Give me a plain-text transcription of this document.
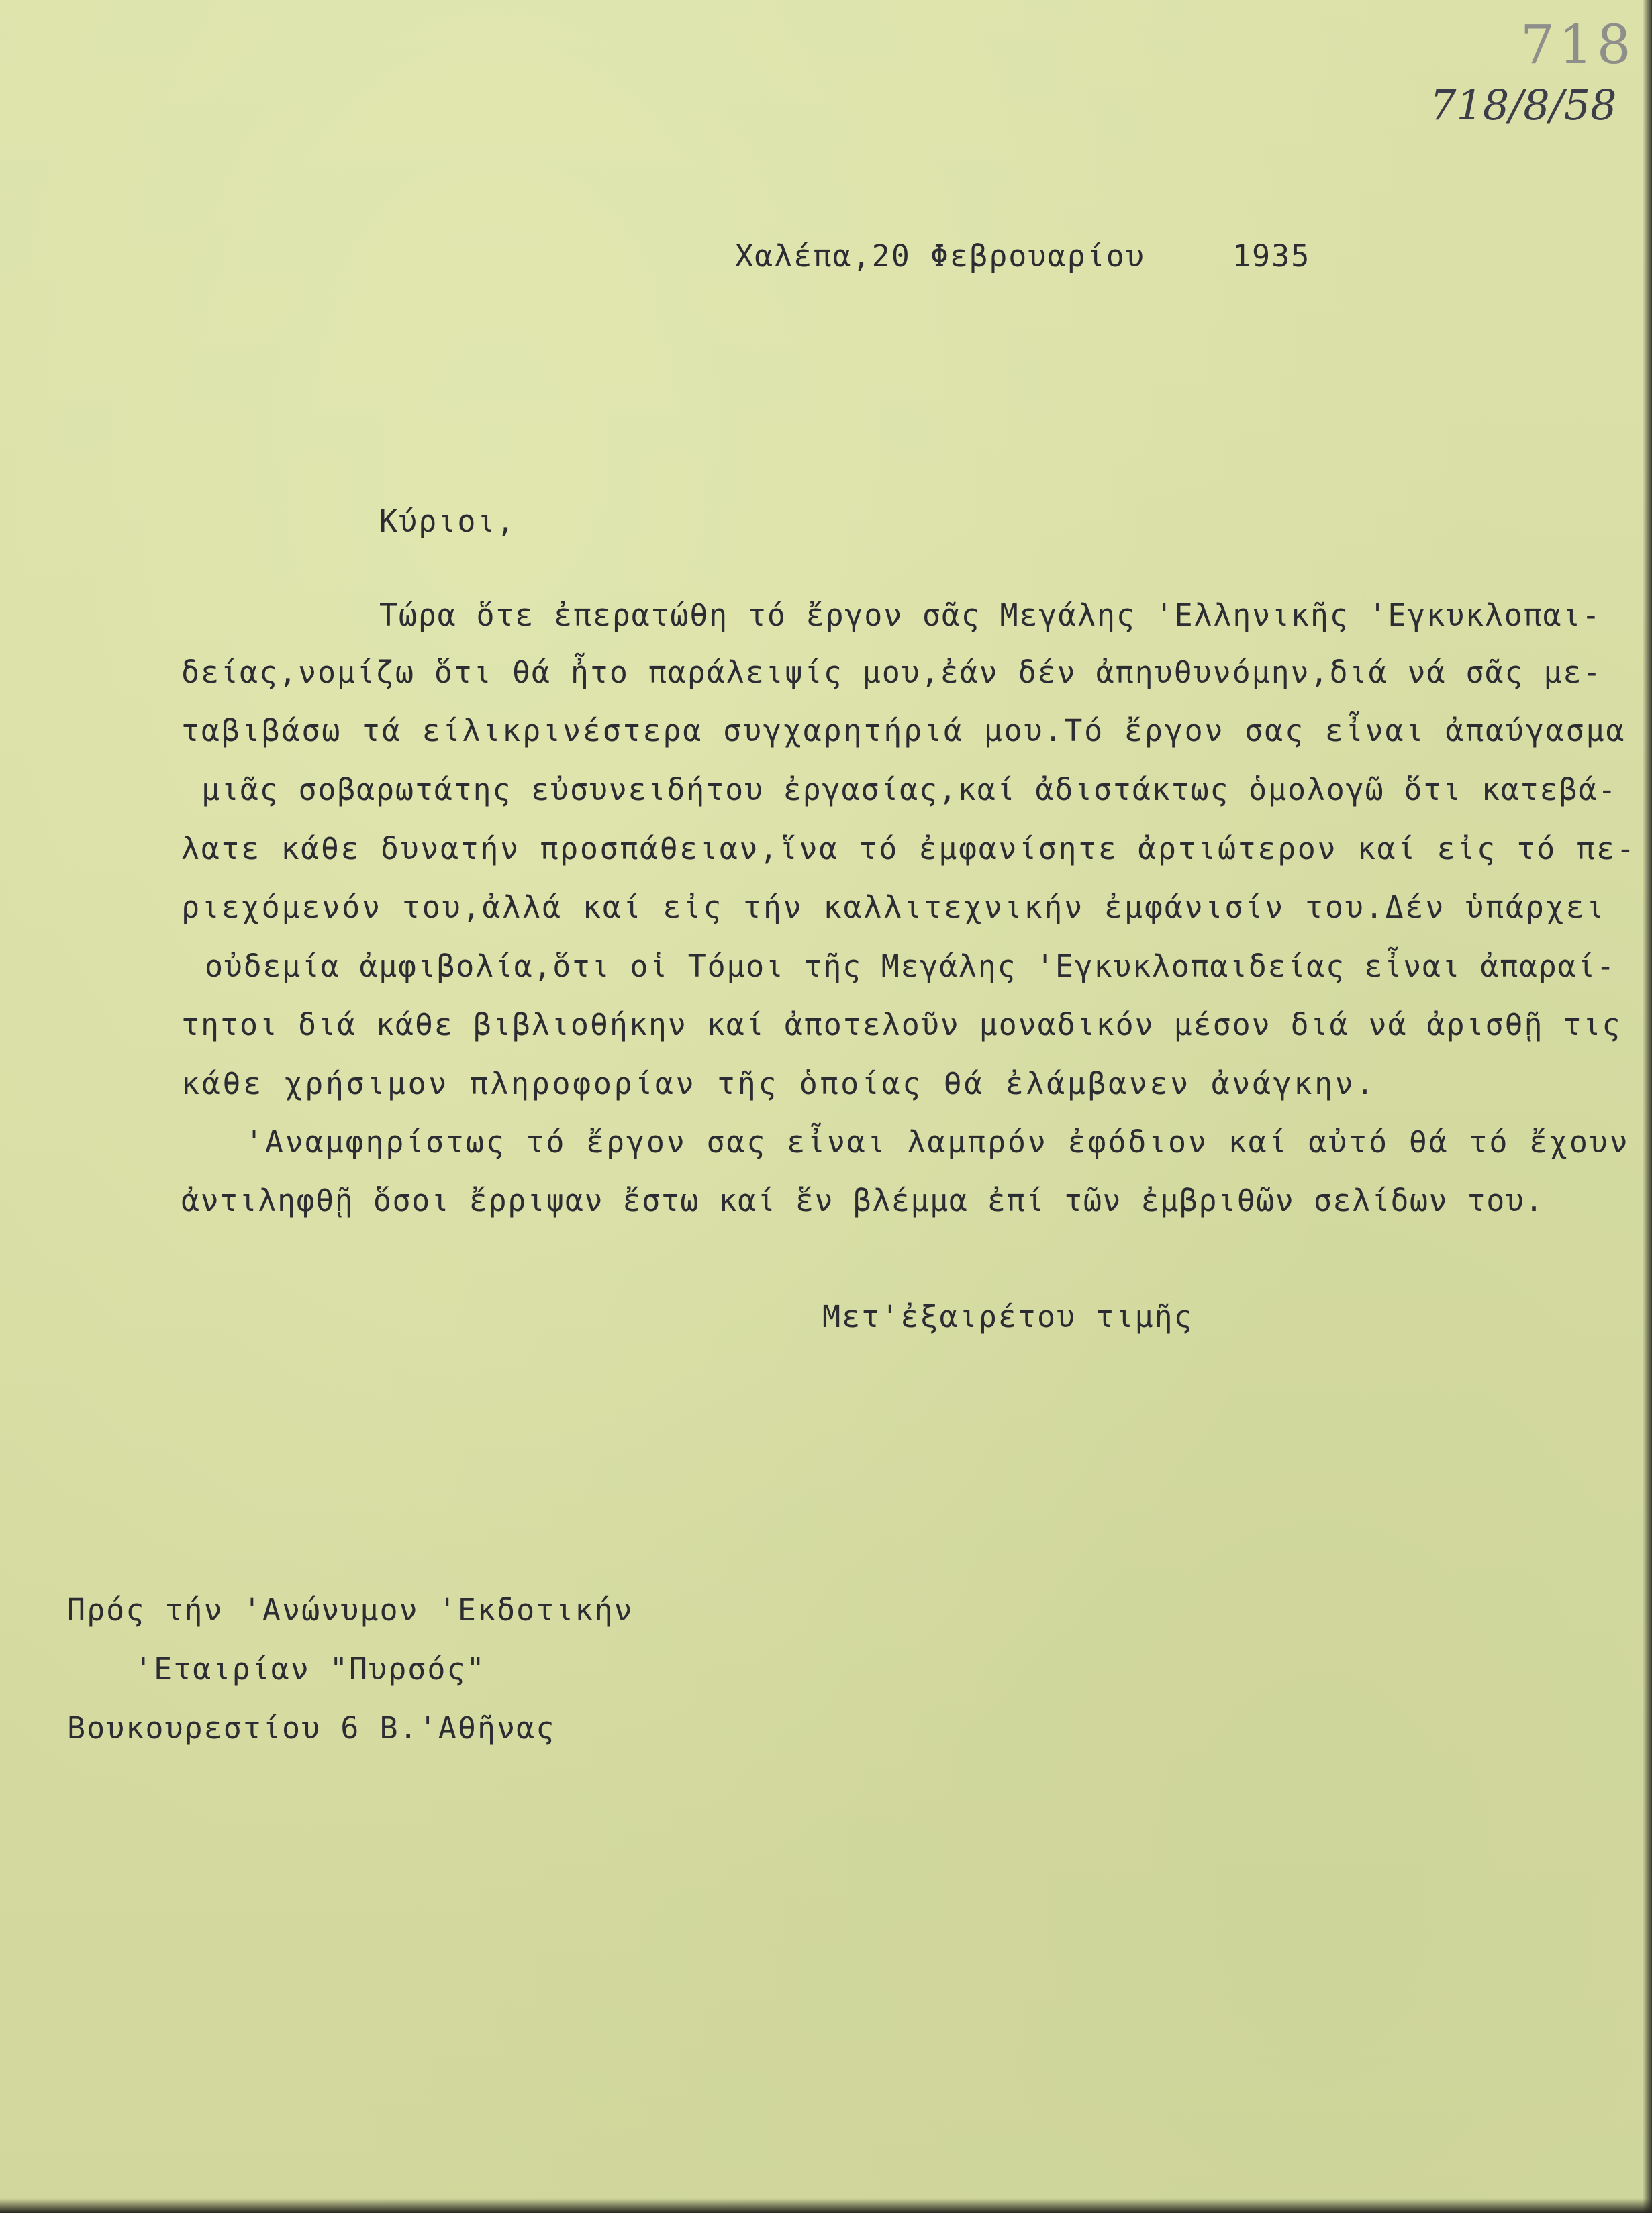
718

718/8/58

Χαλέπα,20 Φεβρουαρίου	1935

Κύριοι,

Τώρα ὅτε ἐπερατώθη τό ἔργον σᾶς Μεγάλης 'Ελληνικῆς 'Εγκυκλοπαι-

δείας,νομίζω ὅτι θά ἦτο παράλειψίς μου,ἐάν δέν ἀπηυθυνόμην,διά νά σᾶς με-

ταβιβάσω τά είλικρινέστερα συγχαρητήριά μου.Τό ἔργον σας εἶναι ἀπαύγασμα

μιᾶς σοβαρωτάτης εὐσυνειδήτου ἐργασίας,καί ἀδιστάκτως ὁμολογῶ ὅτι κατεβά-

λατε κάθε δυνατήν προσπάθειαν,ἵνα τό ἐμφανίσητε ἀρτιώτερον καί εἰς τό πε-

ριεχόμενόν του,ἀλλά καί εἰς τήν καλλιτεχνικήν ἐμφάνισίν του.Δέν ὑπάρχει

οὐδεμία ἀμφιβολία,ὅτι οἱ Τόμοι τῆς Μεγάλης 'Εγκυκλοπαιδείας εἶναι ἀπαραί-

τητοι διά κάθε βιβλιοθήκην καί ἀποτελοῦν μοναδικόν μέσον διά νά ἀρισθῇ τις

κάθε χρήσιμον πληροφορίαν τῆς ὁποίας θά ἐλάμβανεν ἀνάγκην.

'Αναμφηρίστως τό ἔργον σας εἶναι λαμπρόν ἐφόδιον καί αὐτό θά τό ἔχουν

ἀντιληφθῇ ὅσοι ἔρριψαν ἔστω καί ἕν βλέμμα ἐπί τῶν ἐμβριθῶν σελίδων του.

Μετ'ἐξαιρέτου τιμῆς

Πρός τήν 'Ανώνυμον 'Εκδοτικήν

'Εταιρίαν "Πυρσός"

Βουκουρεστίου 6 Β.'Αθῆνας
